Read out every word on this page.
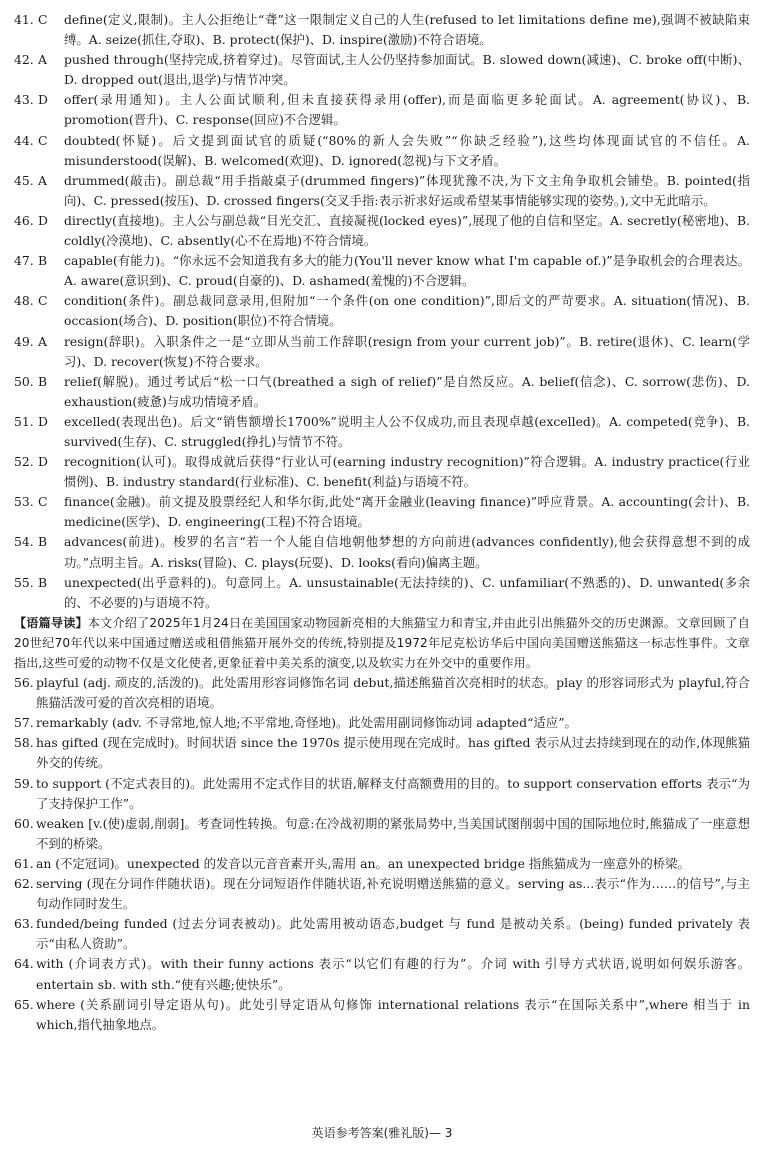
41. C	define(定义,限制)。主人公拒绝让“聋”这一限制定义自己的人生(refused to let limitations define me),强调不被缺陷束缚。A. seize(抓住,夺取)、B. protect(保护)、D. inspire(激励)不符合语境。
42. A	pushed through(坚持完成,挤着穿过)。尽管面试,主人公仍坚持参加面试。B. slowed down(减速)、C. broke off(中断)、D. dropped out(退出,退学)与情节冲突。
43. D	offer(录用通知)。主人公面试顺利,但未直接获得录用(offer),而是面临更多轮面试。A. agreement(协议)、B. promotion(晋升)、C. response(回应)不合逻辑。
44. C	doubted(怀疑)。后文提到面试官的质疑(“80%的新人会失败”“你缺乏经验”),这些均体现面试官的不信任。A. misunderstood(误解)、B. welcomed(欢迎)、D. ignored(忽视)与下文矛盾。
45. A	drummed(敲击)。副总裁“用手指敲桌子(drummed fingers)”体现犹豫不决,为下文主角争取机会铺垫。B. pointed(指向)、C. pressed(按压)、D. crossed fingers(交叉手指:表示祈求好运或希望某事情能够实现的姿势。),文中无此暗示。
46. D	directly(直接地)。主人公与副总裁“目光交汇、直接凝视(locked eyes)”,展现了他的自信和坚定。A. secretly(秘密地)、B. coldly(冷漠地)、C. absently(心不在焉地)不符合情境。
47. B	capable(有能力)。“你永远不会知道我有多大的能力(You'll never know what I'm capable of.)”是争取机会的合理表达。A. aware(意识到)、C. proud(自豪的)、D. ashamed(羞愧的)不合逻辑。
48. C	condition(条件)。副总裁同意录用,但附加“一个条件(on one condition)”,即后文的严苛要求。A. situation(情况)、B. occasion(场合)、D. position(职位)不符合情境。
49. A	resign(辞职)。入职条件之一是“立即从当前工作辞职(resign from your current job)”。B. retire(退休)、C. learn(学习)、D. recover(恢复)不符合要求。
50. B	relief(解脱)。通过考试后“松一口气(breathed a sigh of relief)”是自然反应。A. belief(信念)、C. sorrow(悲伤)、D. exhaustion(疲惫)与成功情境矛盾。
51. D	excelled(表现出色)。后文“销售额增长1700%”说明主人公不仅成功,而且表现卓越(excelled)。A. competed(竞争)、B. survived(生存)、C. struggled(挣扎)与情节不符。
52. D	recognition(认可)。取得成就后获得“行业认可(earning industry recognition)”符合逻辑。A. industry practice(行业惯例)、B. industry standard(行业标准)、C. benefit(利益)与语境不符。
53. C	finance(金融)。前文提及股票经纪人和华尔街,此处“离开金融业(leaving finance)”呼应背景。A. accounting(会计)、B. medicine(医学)、D. engineering(工程)不符合语境。
54. B	advances(前进)。梭罗的名言“若一个人能自信地朝他梦想的方向前进(advances confidently),他会获得意想不到的成功。”点明主旨。A. risks(冒险)、C. plays(玩耍)、D. looks(看向)偏离主题。
55. B	unexpected(出乎意料的)。句意同上。A. unsustainable(无法持续的)、C. unfamiliar(不熟悉的)、D. unwanted(多余的、不必要的)与语境不符。
【语篇导读】本文介绍了2025年1月24日在美国国家动物园新亮相的大熊猫宝力和青宝,并由此引出熊猫外交的历史渊源。文章回顾了自20世纪70年代以来中国通过赠送或租借熊猫开展外交的传统,特别提及1972年尼克松访华后中国向美国赠送熊猫这一标志性事件。文章指出,这些可爱的动物不仅是文化使者,更象征着中美关系的演变,以及软实力在外交中的重要作用。
56. playful (adj. 顽皮的,活泼的)。此处需用形容词修饰名词 debut,描述熊猫首次亮相时的状态。play 的形容词形式为 playful,符合熊猫活泼可爱的首次亮相的语境。
57. remarkably (adv. 不寻常地,惊人地;不平常地,奇怪地)。此处需用副词修饰动词 adapted“适应”。
58. has gifted (现在完成时)。时间状语 since the 1970s 提示使用现在完成时。has gifted 表示从过去持续到现在的动作,体现熊猫外交的传统。
59. to support (不定式表目的)。此处需用不定式作目的状语,解释支付高额费用的目的。to support conservation efforts 表示“为了支持保护工作”。
60. weaken [v.(使)虚弱,削弱]。考查词性转换。句意:在冷战初期的紧张局势中,当美国试图削弱中国的国际地位时,熊猫成了一座意想不到的桥梁。
61. an (不定冠词)。unexpected 的发音以元音音素开头,需用 an。an unexpected bridge 指熊猫成为一座意外的桥梁。
62. serving (现在分词作伴随状语)。现在分词短语作伴随状语,补充说明赠送熊猫的意义。serving as...表示“作为……的信号”,与主句动作同时发生。
63. funded/being funded (过去分词表被动)。此处需用被动语态,budget 与 fund 是被动关系。(being) funded privately 表示“由私人资助”。
64. with (介词表方式)。with their funny actions 表示“以它们有趣的行为”。介词 with 引导方式状语,说明如何娱乐游客。entertain sb. with sth.“使有兴趣;使快乐”。
65. where (关系副词引导定语从句)。此处引导定语从句修饰 international relations 表示“在国际关系中”,where 相当于 in which,指代抽象地点。
英语参考答案(雅礼版)— 3
